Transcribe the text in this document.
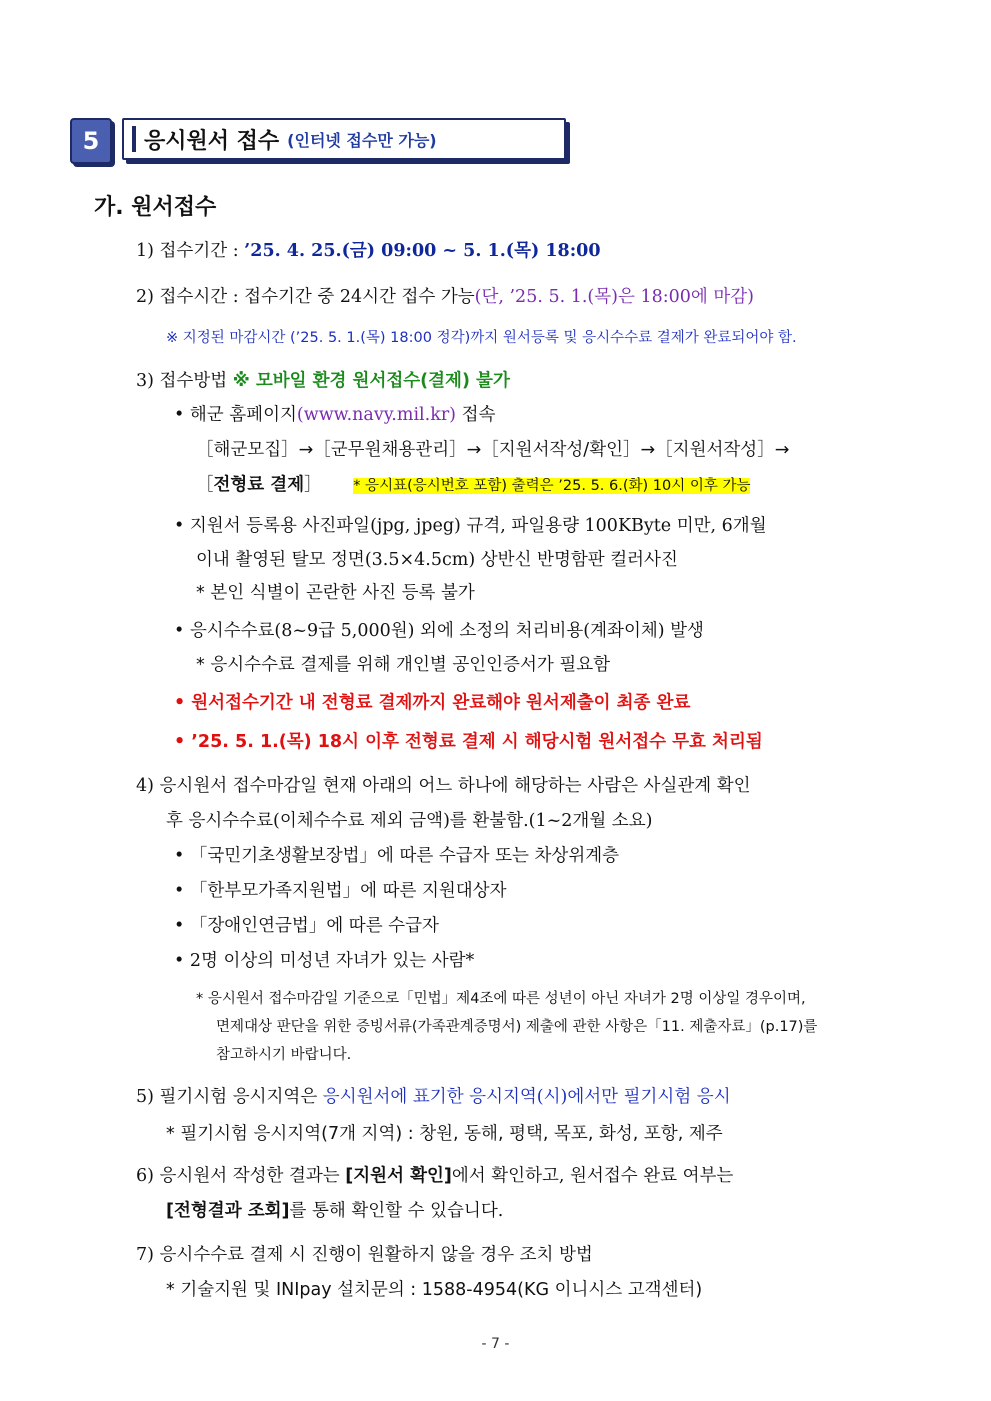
5	응시원서 접수 (인터넷 접수만 가능)
가. 원서접수
1) 접수기간 : ’25. 4. 25.(금) 09:00 ~ 5. 1.(목) 18:00
2) 접수시간 : 접수기간 중 24시간 접수 가능(단, ’25. 5. 1.(목)은 18:00에 마감)
※ 지정된 마감시간 (’25. 5. 1.(목) 18:00 정각)까지 원서등록 및 응시수수료 결제가 완료되어야 함.
3) 접수방법 ※ 모바일 환경 원서접수(결제) 불가
• 해군 홈페이지(www.navy.mil.kr) 접속
［해군모집］→［군무원채용관리］→［지원서작성/확인］→［지원서작성］→
［전형료 결제］ * 응시표(응시번호 포함) 출력은 ’25. 5. 6.(화) 10시 이후 가능
• 지원서 등록용 사진파일(jpg, jpeg) 규격, 파일용량 100KByte 미만, 6개월
이내 촬영된 탈모 정면(3.5×4.5cm) 상반신 반명함판 컬러사진
* 본인 식별이 곤란한 사진 등록 불가
• 응시수수료(8~9급 5,000원) 외에 소정의 처리비용(계좌이체) 발생
* 응시수수료 결제를 위해 개인별 공인인증서가 필요함
• 원서접수기간 내 전형료 결제까지 완료해야 원서제출이 최종 완료
• ’25. 5. 1.(목) 18시 이후 전형료 결제 시 해당시험 원서접수 무효 처리됨
4) 응시원서 접수마감일 현재 아래의 어느 하나에 해당하는 사람은 사실관계 확인
후 응시수수료(이체수수료 제외 금액)를 환불함.(1~2개월 소요)
• 「국민기초생활보장법」에 따른 수급자 또는 차상위계층
• 「한부모가족지원법」에 따른 지원대상자
• 「장애인연금법」에 따른 수급자
• 2명 이상의 미성년 자녀가 있는 사람*
* 응시원서 접수마감일 기준으로「민법」제4조에 따른 성년이 아닌 자녀가 2명 이상일 경우이며,
면제대상 판단을 위한 증빙서류(가족관계증명서) 제출에 관한 사항은「11. 제출자료」(p.17)를
참고하시기 바랍니다.
5) 필기시험 응시지역은 응시원서에 표기한 응시지역(시)에서만 필기시험 응시
* 필기시험 응시지역(7개 지역) : 창원, 동해, 평택, 목포, 화성, 포항, 제주
6) 응시원서 작성한 결과는 [지원서 확인]에서 확인하고, 원서접수 완료 여부는
[전형결과 조회]를 통해 확인할 수 있습니다.
7) 응시수수료 결제 시 진행이 원활하지 않을 경우 조치 방법
* 기술지원 및 INIpay 설치문의 : 1588-4954(KG 이니시스 고객센터)
- 7 -
